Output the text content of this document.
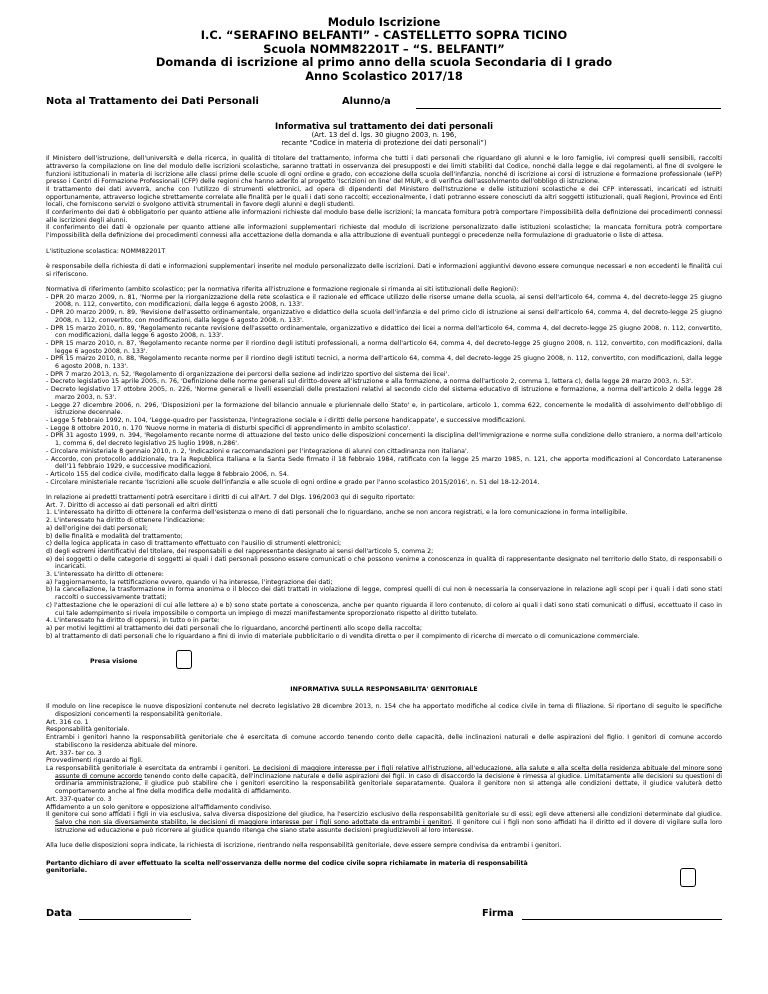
Modulo Iscrizione
I.C. “SERAFINO BELFANTI” - CASTELLETTO SOPRA TICINO
Scuola NOMM82201T – “S. BELFANTI”
Domanda di iscrizione al primo anno della scuola Secondaria di I grado
Anno Scolastico 2017/18
Nota al Trattamento dei Dati Personali	Alunno/a
Informativa sul trattamento dei dati personali
(Art. 13 del d. lgs. 30 giugno 2003, n. 196,
recante “Codice in materia di protezione dei dati personali”)

Il Ministero dell'istruzione, dell'università e della ricerca, in qualità di titolare del trattamento, informa che tutti i dati personali che riguardano gli alunni e le loro famiglie, ivi compresi quelli sensibili, raccolti attraverso la compilazione on line del modulo delle iscrizioni scolastiche, saranno trattati in osservanza dei presupposti e dei limiti stabiliti dal Codice, nonché dalla legge e dai regolamenti, al fine di svolgere le funzioni istituzionali in materia di iscrizione alle classi prime delle scuole di ogni ordine e grado, con eccezione della scuola dell'infanzia, nonché di iscrizione ai corsi di istruzione e formazione professionale (IeFP) presso i Centri di Formazione Professionali (CFP) delle regioni che hanno aderito al progetto 'Iscrizioni on line' del MIUR, e di verifica dell'assolvimento dell'obbligo di istruzione.

Il trattamento dei dati avverrà, anche con l'utilizzo di strumenti elettronici, ad opera di dipendenti del Ministero dell'Istruzione e delle istituzioni scolastiche e dei CFP interessati, incaricati ed istruiti opportunamente, attraverso logiche strettamente correlate alle finalità per le quali i dati sono raccolti; eccezionalmente, i dati potranno essere conosciuti da altri soggetti istituzionali, quali Regioni, Province ed Enti locali, che forniscono servizi o svolgono attività strumentali in favore degli alunni e degli studenti.

Il conferimento dei dati è obbligatorio per quanto attiene alle informazioni richieste dal modulo base delle iscrizioni; la mancata fornitura potrà comportare l'impossibilità della definizione dei procedimenti connessi alle iscrizioni degli alunni.

Il conferimento dei dati è opzionale per quanto attiene alle informazioni supplementari richieste dal modulo di iscrizione personalizzato dalle istituzioni scolastiche; la mancata fornitura potrà comportare l'impossibilità della definizione dei procedimenti connessi alla accettazione della domanda e alla attribuzione di eventuali punteggi o precedenze nella formulazione di graduatorie o liste di attesa.

L'istituzione scolastica: NOMM82201T

è responsabile della richiesta di dati e informazioni supplementari inserite nel modulo personalizzato delle iscrizioni. Dati e informazioni aggiuntivi devono essere comunque necessari e non eccedenti le finalità cui si riferiscono.

Normativa di riferimento (ambito scolastico; per la normativa riferita all'istruzione e formazione regionale si rimanda ai siti istituzionali delle Regioni):

- DPR 20 marzo 2009, n. 81, 'Norme per la riorganizzazione della rete scolastica e il razionale ed efficace utilizzo delle risorse umane della scuola, ai sensi dell'articolo 64, comma 4, del decreto-legge 25 giugno 2008, n. 112, convertito, con modificazioni, dalla legge 6 agosto 2008, n. 133'.

- DPR 20 marzo 2009, n. 89, 'Revisione dell'assetto ordinamentale, organizzativo e didattico della scuola dell'infanzia e del primo ciclo di istruzione ai sensi dell'articolo 64, comma 4, del decreto-legge 25 giugno 2008, n. 112, convertito, con modificazioni, dalla legge 6 agosto 2008, n. 133'.

- DPR 15 marzo 2010, n. 89, 'Regolamento recante revisione dell'assetto ordinamentale, organizzativo e didattico dei licei a norma dell'articolo 64, comma 4, del decreto-legge 25 giugno 2008, n. 112, convertito, con modificazioni, dalla legge 6 agosto 2008, n. 133'.

- DPR 15 marzo 2010, n. 87, 'Regolamento recante norme per il riordino degli istituti professionali, a norma dell'articolo 64, comma 4, del decreto-legge 25 giugno 2008, n. 112, convertito, con modificazioni, dalla legge 6 agosto 2008, n. 133'.

- DPR 15 marzo 2010, n. 88, 'Regolamento recante norme per il riordino degli istituti tecnici, a norma dell'articolo 64, comma 4, del decreto-legge 25 giugno 2008, n. 112, convertito, con modificazioni, dalla legge 6 agosto 2008, n. 133'.

- DPR 7 marzo 2013, n. 52, 'Regolamento di organizzazione dei percorsi della sezione ad indirizzo sportivo del sistema dei licei'.

- Decreto legislativo 15 aprile 2005, n. 76, 'Definizione delle norme generali sul diritto-dovere all'istruzione e alla formazione, a norma dell'articolo 2, comma 1, lettera c), della legge 28 marzo 2003, n. 53'.

- Decreto legislativo 17 ottobre 2005, n. 226, 'Norme generali e livelli essenziali delle prestazioni relativi al secondo ciclo del sistema educativo di istruzione e formazione, a norma dell'articolo 2 della legge 28 marzo 2003, n. 53'.

- Legge 27 dicembre 2006, n. 296, 'Disposizioni per la formazione del bilancio annuale e pluriennale dello Stato' e, in particolare, articolo 1, comma 622, concernente le modalità di assolvimento dell'obbligo di istruzione decennale.

- Legge 5 febbraio 1992, n. 104, 'Legge-quadro per l'assistenza, l'integrazione sociale e i diritti delle persone handicappate', e successive modificazioni.

- Legge 8 ottobre 2010, n. 170 'Nuove norme in materia di disturbi specifici di apprendimento in ambito scolastico'.

- DPR 31 agosto 1999, n. 394, 'Regolamento recante norme di attuazione del testo unico delle disposizioni concernenti la disciplina dell'immigrazione e norme sulla condizione dello straniero, a norma dell'articolo 1, comma 6, del decreto legislativo 25 luglio 1998, n.286'.

- Circolare ministeriale 8 gennaio 2010, n. 2, 'Indicazioni e raccomandazioni per l'integrazione di alunni con cittadinanza non italiana'.

- Accordo, con protocollo addizionale, tra la Repubblica Italiana e la Santa Sede firmato il 18 febbraio 1984, ratificato con la legge 25 marzo 1985, n. 121, che apporta modificazioni al Concordato Lateranense dell'11 febbraio 1929, e successive modificazioni.

- Articolo 155 del codice civile, modificato dalla legge 8 febbraio 2006, n. 54.

- Circolare ministeriale recante 'Iscrizioni alle scuole dell'infanzia e alle scuole di ogni ordine e grado per l'anno scolastico 2015/2016', n. 51 del 18-12-2014.

In relazione ai predetti trattamenti potrà esercitare i diritti di cui all'Art. 7 del Dlgs. 196/2003 qui di seguito riportato:

Art. 7. Diritto di accesso ai dati personali ed altri diritti

1. L'interessato ha diritto di ottenere la conferma dell'esistenza o meno di dati personali che lo riguardano, anche se non ancora registrati, e la loro comunicazione in forma intelligibile.

2. L'interessato ha diritto di ottenere l'indicazione:

a) dell'origine dei dati personali;

b) delle finalità e modalità del trattamento;

c) della logica applicata in caso di trattamento effettuato con l'ausilio di strumenti elettronici;

d) degli estremi identificativi del titolare, dei responsabili e del rappresentante designato ai sensi dell'articolo 5, comma 2;

e) dei soggetti o delle categorie di soggetti ai quali i dati personali possono essere comunicati o che possono venirne a conoscenza in qualità di rappresentante designato nel territorio dello Stato, di responsabili o incaricati.

3. L'interessato ha diritto di ottenere:

a) l'aggiornamento, la rettificazione ovvero, quando vi ha interesse, l'integrazione dei dati;

b) la cancellazione, la trasformazione in forma anonima o il blocco dei dati trattati in violazione di legge, compresi quelli di cui non è necessaria la conservazione in relazione agli scopi per i quali i dati sono stati raccolti o successivamente trattati;

c) l'attestazione che le operazioni di cui alle lettere a) e b) sono state portate a conoscenza, anche per quanto riguarda il loro contenuto, di coloro ai quali i dati sono stati comunicati o diffusi, eccettuato il caso in cui tale adempimento si rivela impossibile o comporta un impiego di mezzi manifestamente sproporzionato rispetto al diritto tutelato.

4. L'interessato ha diritto di opporsi, in tutto o in parte:

a) per motivi legittimi al trattamento dei dati personali che lo riguardano, ancorché pertinenti allo scopo della raccolta;

b) al trattamento di dati personali che lo riguardano a fini di invio di materiale pubblicitario o di vendita diretta o per il compimento di ricerche di mercato o di comunicazione commerciale.

Presa visione
INFORMATIVA SULLA RESPONSABILITA' GENITORIALE

Il modulo on line recepisce le nuove disposizioni contenute nel decreto legislativo 28 dicembre 2013, n. 154 che ha apportato modifiche al codice civile in tema di filiazione. Si riportano di seguito le specifiche disposizioni concernenti la responsabilità genitoriale.

Art. 316 co. 1

Responsabilità genitoriale.

Entrambi i genitori hanno la responsabilità genitoriale che è esercitata di comune accordo tenendo conto delle capacità, delle inclinazioni naturali e delle aspirazioni del figlio. I genitori di comune accordo stabiliscono la residenza abituale del minore.

Art. 337- ter co. 3

Provvedimenti riguardo ai figli.

La responsabilità genitoriale è esercitata da entrambi i genitori. Le decisioni di maggiore interesse per i figli relative all'istruzione, all'educazione, alla salute e alla scelta della residenza abituale del minore sono assunte di comune accordo tenendo conto delle capacità, dell'inclinazione naturale e delle aspirazioni dei figli. In caso di disaccordo la decisione è rimessa al giudice. Limitatamente alle decisioni su questioni di ordinaria amministrazione, il giudice può stabilire che i genitori esercitino la responsabilità genitoriale separatamente. Qualora il genitore non si attenga alle condizioni dettate, il giudice valuterà detto comportamento anche al fine della modifica delle modalità di affidamento.

Art. 337-quater co. 3

Affidamento a un solo genitore e opposizione all'affidamento condiviso.

Il genitore cui sono affidati i figli in via esclusiva, salva diversa disposizione del giudice, ha l'esercizio esclusivo della responsabilità genitoriale su di essi; egli deve attenersi alle condizioni determinate dal giudice. Salvo che non sia diversamente stabilito, le decisioni di maggiore interesse per i figli sono adottate da entrambi i genitori. Il genitore cui i figli non sono affidati ha il diritto ed il dovere di vigilare sulla loro istruzione ed educazione e può ricorrere al giudice quando ritenga che siano state assunte decisioni pregiudizievoli al loro interesse.

Alla luce delle disposizioni sopra indicate, la richiesta di iscrizione, rientrando nella responsabilità genitoriale, deve essere sempre condivisa da entrambi i genitori.

Pertanto dichiaro di aver effettuato la scelta nell'osservanza delle norme del codice civile sopra richiamate in materia di responsabilità genitoriale.
Data	Firma
